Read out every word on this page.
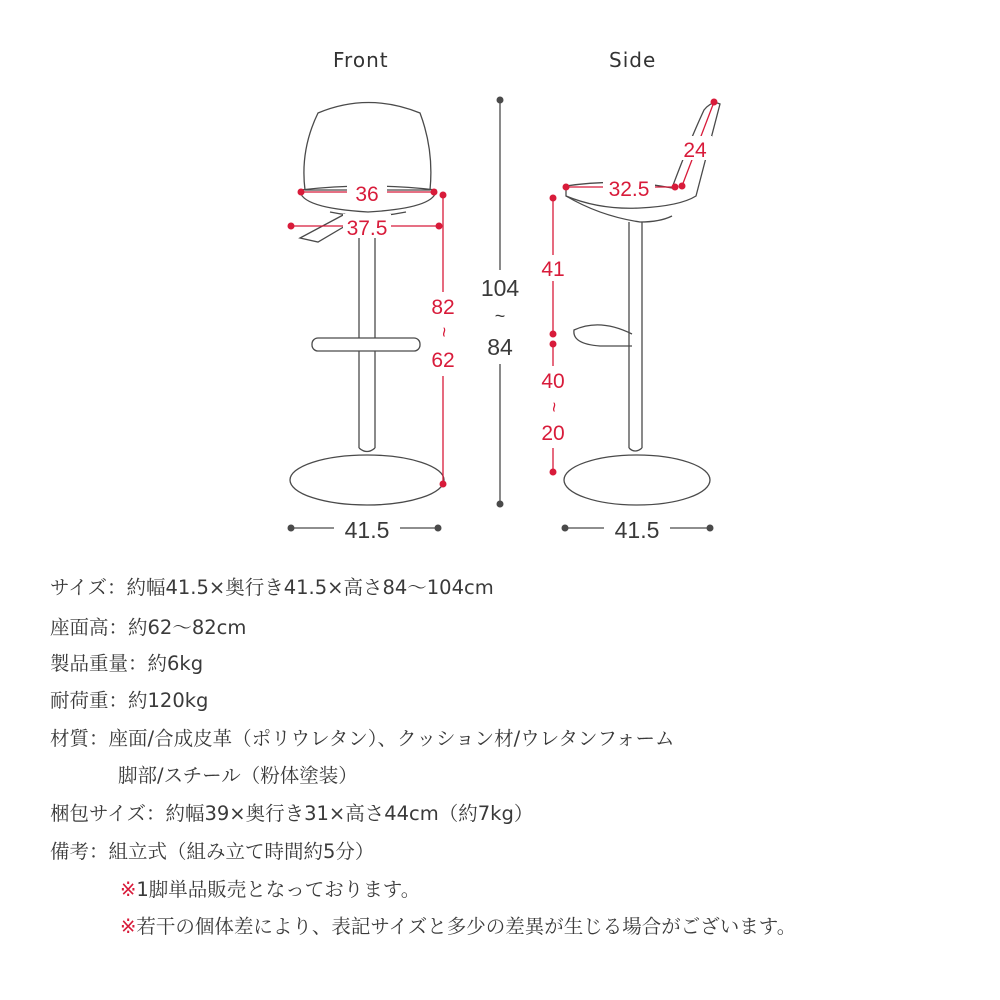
Front	Side
36
37.5
82
~
62
41.5
104
~
84
24
32.5
41
40
~
20
41.5
サイズ：約幅41.5×奥行き41.5×高さ84〜104cm
座面高：約62〜82cm
製品重量：約6kg
耐荷重：約120kg
材質：座面/合成皮革（ポリウレタン）、クッション材/ウレタンフォーム
脚部/スチール（粉体塗装）
梱包サイズ：約幅39×奥行き31×高さ44cm（約7kg）
備考：組立式（組み立て時間約5分）
※1脚単品販売となっております。
※若干の個体差により、表記サイズと多少の差異が生じる場合がございます。
